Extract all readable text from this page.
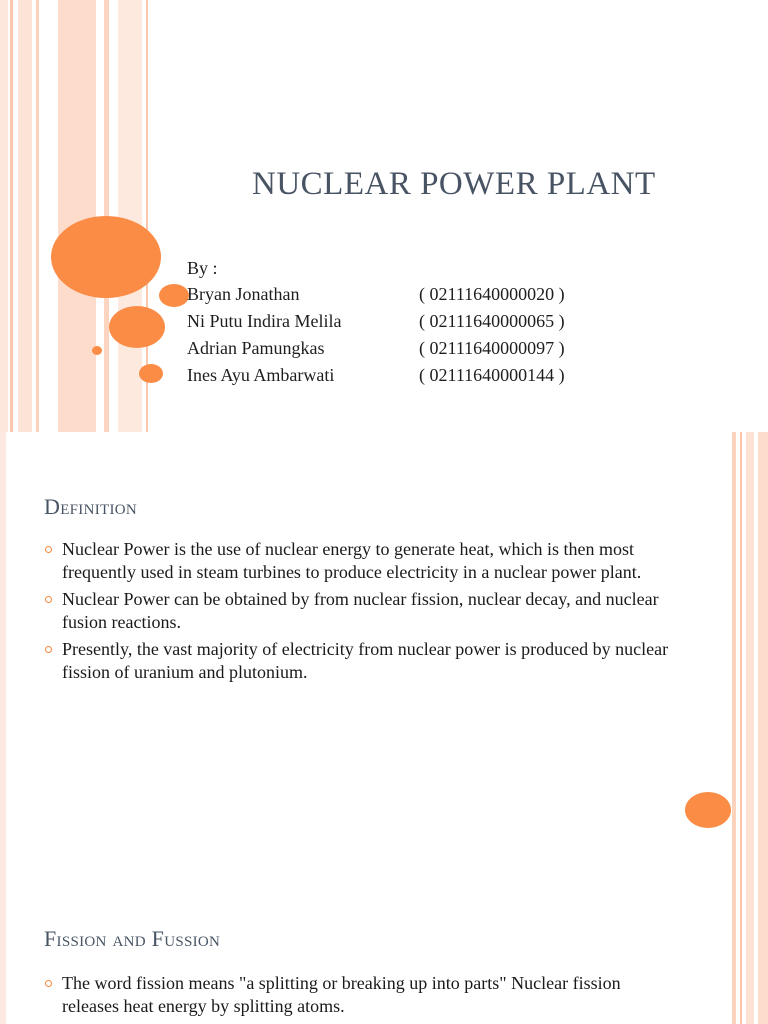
NUCLEAR POWER PLANT
By :
Bryan Jonathan	( 02111640000020 )
Ni Putu Indira Melila	( 02111640000065 )
Adrian Pamungkas	( 02111640000097 )
Ines Ayu Ambarwati	( 02111640000144 )
Definition
Nuclear Power is the use of nuclear energy to generate heat, which is then most frequently used in steam turbines to produce electricity in a nuclear power plant.
Nuclear Power can be obtained by from nuclear fission, nuclear decay, and nuclear fusion reactions.
Presently, the vast majority of electricity from nuclear power is produced by nuclear fission of uranium and plutonium.
Fission and Fussion
The word fission means "a splitting or breaking up into parts" Nuclear fission releases heat energy by splitting atoms.
